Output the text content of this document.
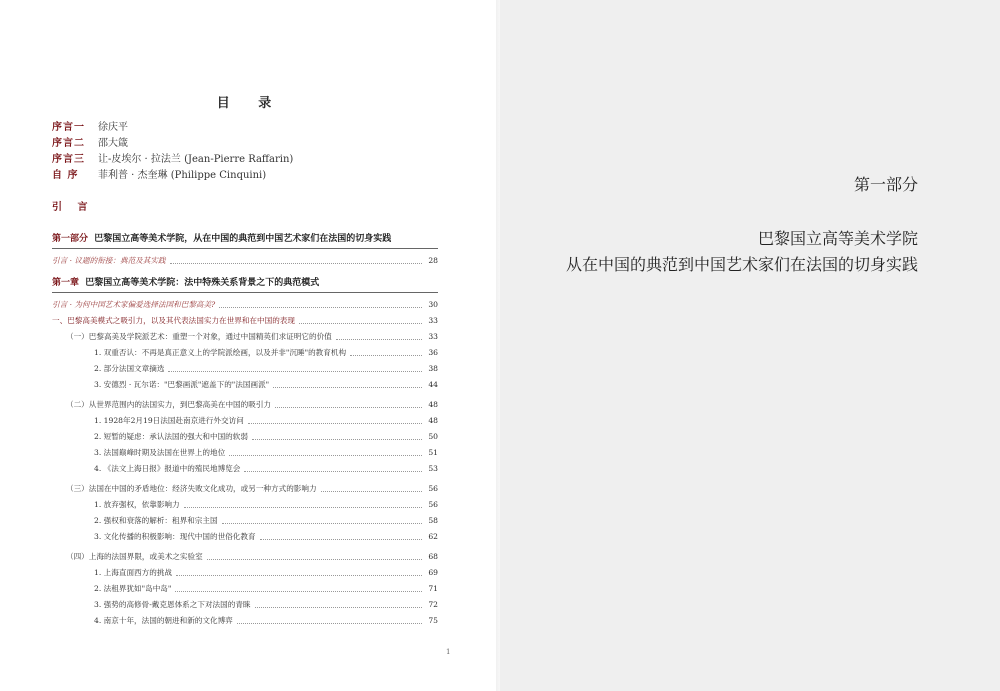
目 录
序言一	徐庆平
序言二	邵大箴
序言三	让-皮埃尔 · 拉法兰 (Jean-Pierre Raffarin)
自 序	菲利普 · 杰奎琳 (Philippe Cinquini)
引 言
第一部分 巴黎国立高等美术学院，从在中国的典范到中国艺术家们在法国的切身实践
引言 · 议题的衔接：典范及其实践	28
第一章 巴黎国立高等美术学院：法中特殊关系背景之下的典范模式
引言 · 为何中国艺术家偏爱选择法国和巴黎高美?	30
一、巴黎高美模式之吸引力，以及其代表法国实力在世界和在中国的表现	33
（一）巴黎高美及学院派艺术：重塑一个对象，通过中国精英们求证明它的价值	33
1. 双重否认：不再是真正意义上的学院派绘画，以及并非"沉睡"的教育机构	36
2. 部分法国文章摘选	38
3. 安德烈 · 瓦尔诺："巴黎画派"遮盖下的"法国画派"	44
（二）从世界范围内的法国实力，到巴黎高美在中国的吸引力	48
1. 1928年2月19日法国赴南京进行外交访问	48
2. 短暂的疑虑：承认法国的强大和中国的软弱	50
3. 法国巅峰时期及法国在世界上的地位	51
4. 《法文上海日报》报道中的殖民地博览会	53
（三）法国在中国的矛盾地位：经济失败文化成功，或另一种方式的影响力	56
1. 放弃强权，依靠影响力	56
2. 强权和衰落的解析：租界和宗主国	58
3. 文化传播的积极影响：现代中国的世俗化教育	62
（四）上海的法国界限，或美术之实验室	68
1. 上海直面西方的挑战	69
2. 法租界犹如"岛中岛"	71
3. 强势的高修骨-戴克恩体系之下对法国的青睐	72
4. 南京十年，法国的朝进和新的文化博弈	75
1
第一部分
巴黎国立高等美术学院
从在中国的典范到中国艺术家们在法国的切身实践
